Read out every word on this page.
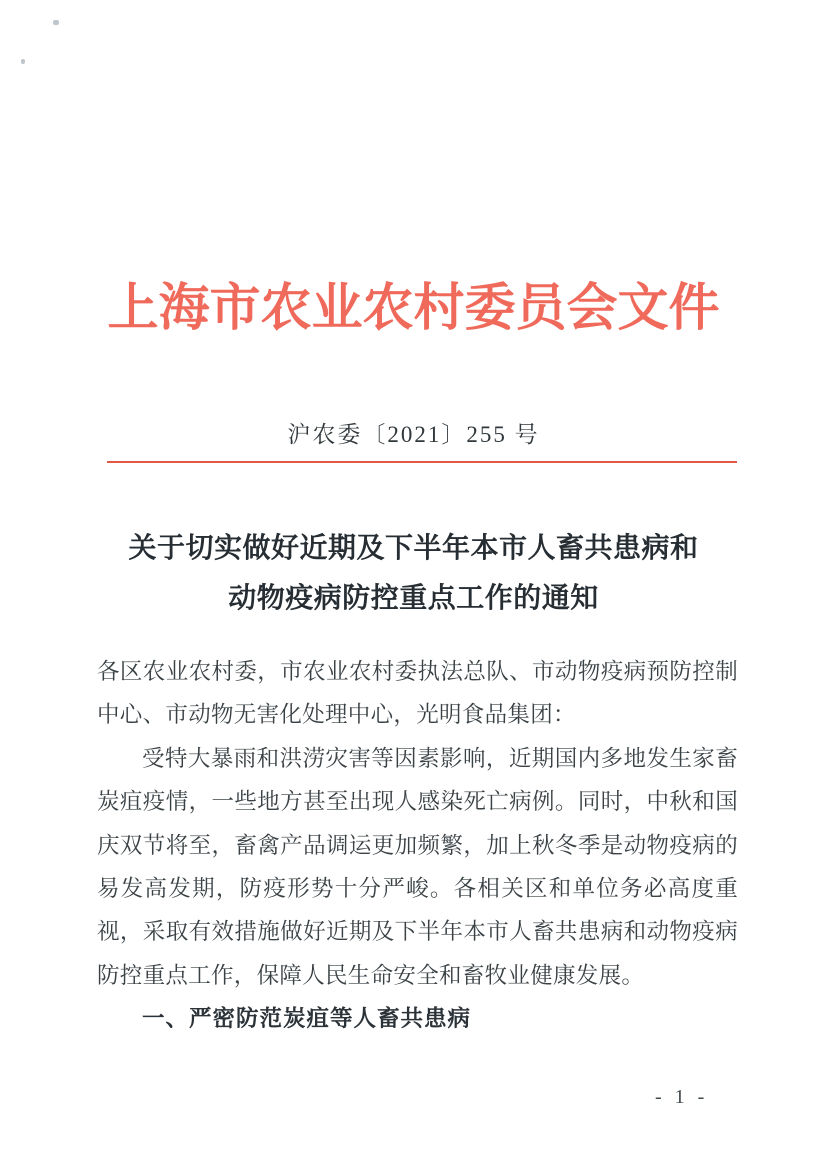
上海市农业农村委员会文件
沪农委〔2021〕255 号
关于切实做好近期及下半年本市人畜共患病和
动物疫病防控重点工作的通知

各区农业农村委，市农业农村委执法总队、市动物疫病预防控制中心、市动物无害化处理中心，光明食品集团：

受特大暴雨和洪涝灾害等因素影响，近期国内多地发生家畜炭疽疫情，一些地方甚至出现人感染死亡病例。同时，中秋和国庆双节将至，畜禽产品调运更加频繁，加上秋冬季是动物疫病的易发高发期，防疫形势十分严峻。各相关区和单位务必高度重视，采取有效措施做好近期及下半年本市人畜共患病和动物疫病防控重点工作，保障人民生命安全和畜牧业健康发展。

一、严密防范炭疽等人畜共患病

- 1 -
